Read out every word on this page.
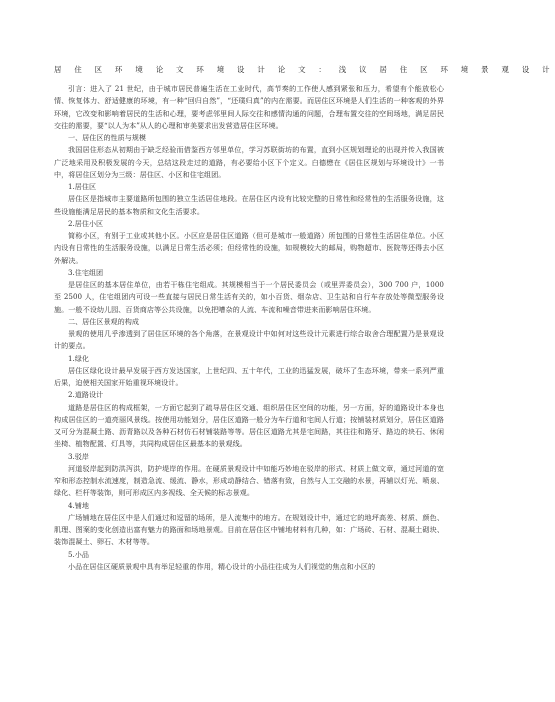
居 住 区 环 境 论 文 环 境 设 计 论 文 ： 浅 议 居 住 区 环 境 景 观 设 计

引言：进入了 21 世纪，由于城市居民普遍生活在工业时代，高节奏的工作使人感到紧张和压力，希望有个能放松心情、恢复体力、舒适健康的环境，有一种“回归自然”，“还璞归真”的内在需要。而居住区环境是人们生活的一种客观的外界环境，它改变和影响着居民的生活和心理，要考虑邻里间人际交往和感情沟通的问题，合理布置交往的空间场地，满足居民交往的需要，要“以人为本”从人的心理和审美要求出发营造居住区环境。

一、居住区的性质与规模

我国居住形态从初期由于缺乏经验而借鉴西方邻里单位，学习苏联街坊的布置，直到小区规划理论的出现并传入我国被广泛地采用及积极发展的今天，总结这段走过的道路，有必要给小区下个定义。白德懋在《居住区规划与环境设计》一书中，将居住区划分为三级：居住区、小区和住宅组团。

1.居住区

居住区是指城市主要道路所包围的独立生活居住地段。在居住区内设有比较完整的日常性和经常性的生活服务设施，这些设施能满足居民的基本物质和文化生活要求。

2.居住小区

简称小区，有别于工业或其他小区。小区应是居住区道路（但可是城市一般道路）所包围的日常性生活居住单位。小区内设有日常性的生活服务设施，以满足日常生活必须；但经常性的设施，如规模较大的邮局，购物超市、医院等还得去小区外解决。

3.住宅组团

是居住区的基本居住单位，由若干栋住宅组成。其规模相当于一个居民委员会（或里弄委员会），300 700 户，1000 至 2500 人，住宅组团内可设一些直接与居民日常生活有关的，如小百货、烟杂店、卫生站和自行车存放处等微型服务设施。一般不设幼儿园、百货商店等公共设施，以免把嘈杂的人流、车流和噪音带进来而影响居住环境。

二、居住区景观的构成

景观的使用几乎渗透到了居住区环境的各个角落，在景观设计中如何对这些设计元素进行综合取舍合理配置乃是景观设计的要点。

1.绿化

居住区绿化设计最早发展于西方发达国家，上世纪四、五十年代，工业的迅猛发展，破坏了生态环境，带来一系列严重后果，迫使相关国家开始重视环境设计。

2.道路设计

道路是居住区的构成框架，一方面它起到了疏导居住区交通、组织居住区空间的功能，另一方面，好的道路设计本身也构成居住区的一道亮丽风景线。按使用功能划分，居住区道路一般分为车行道和宅间人行道；按铺装材质划分，居住区道路又可分为混凝土路、沥青路以及各种石材仿石材铺装路等等。居住区道路尤其是宅间路，其往往和路牙、路边的块石、休闲坐椅、植物配置、灯具等，共同构成居住区最基本的景观线。

3.驳岸

河道驳岸起到防洪泻洪，防护堤岸的作用。在硬质景观设计中如能巧妙地在驳岸的形式、材质上做文章，通过河道的宽窄和形态控制水流速度，制造急流、缓流、静水，形成动静结合、错落有致，自然与人工交融的水景，再辅以灯光、喷泉、绿化、栏杆等装饰，则可形成区内多视线、全天候的标志景观。

4.铺地

广场铺地在居住区中是人们通过和逗留的场所，是人流集中的地方。在规划设计中，通过它的地坪高差、材质、颜色、肌理、图案的变化创造出富有魅力的路面和场地景观。目前在居住区中铺地材料有几种，如：广场砖、石材、混凝土砌块、装饰混凝土、卵石、木材等等。

5.小品

小品在居住区硬质景观中具有举足轻重的作用，精心设计的小品往往成为人们视觉的焦点和小区的
